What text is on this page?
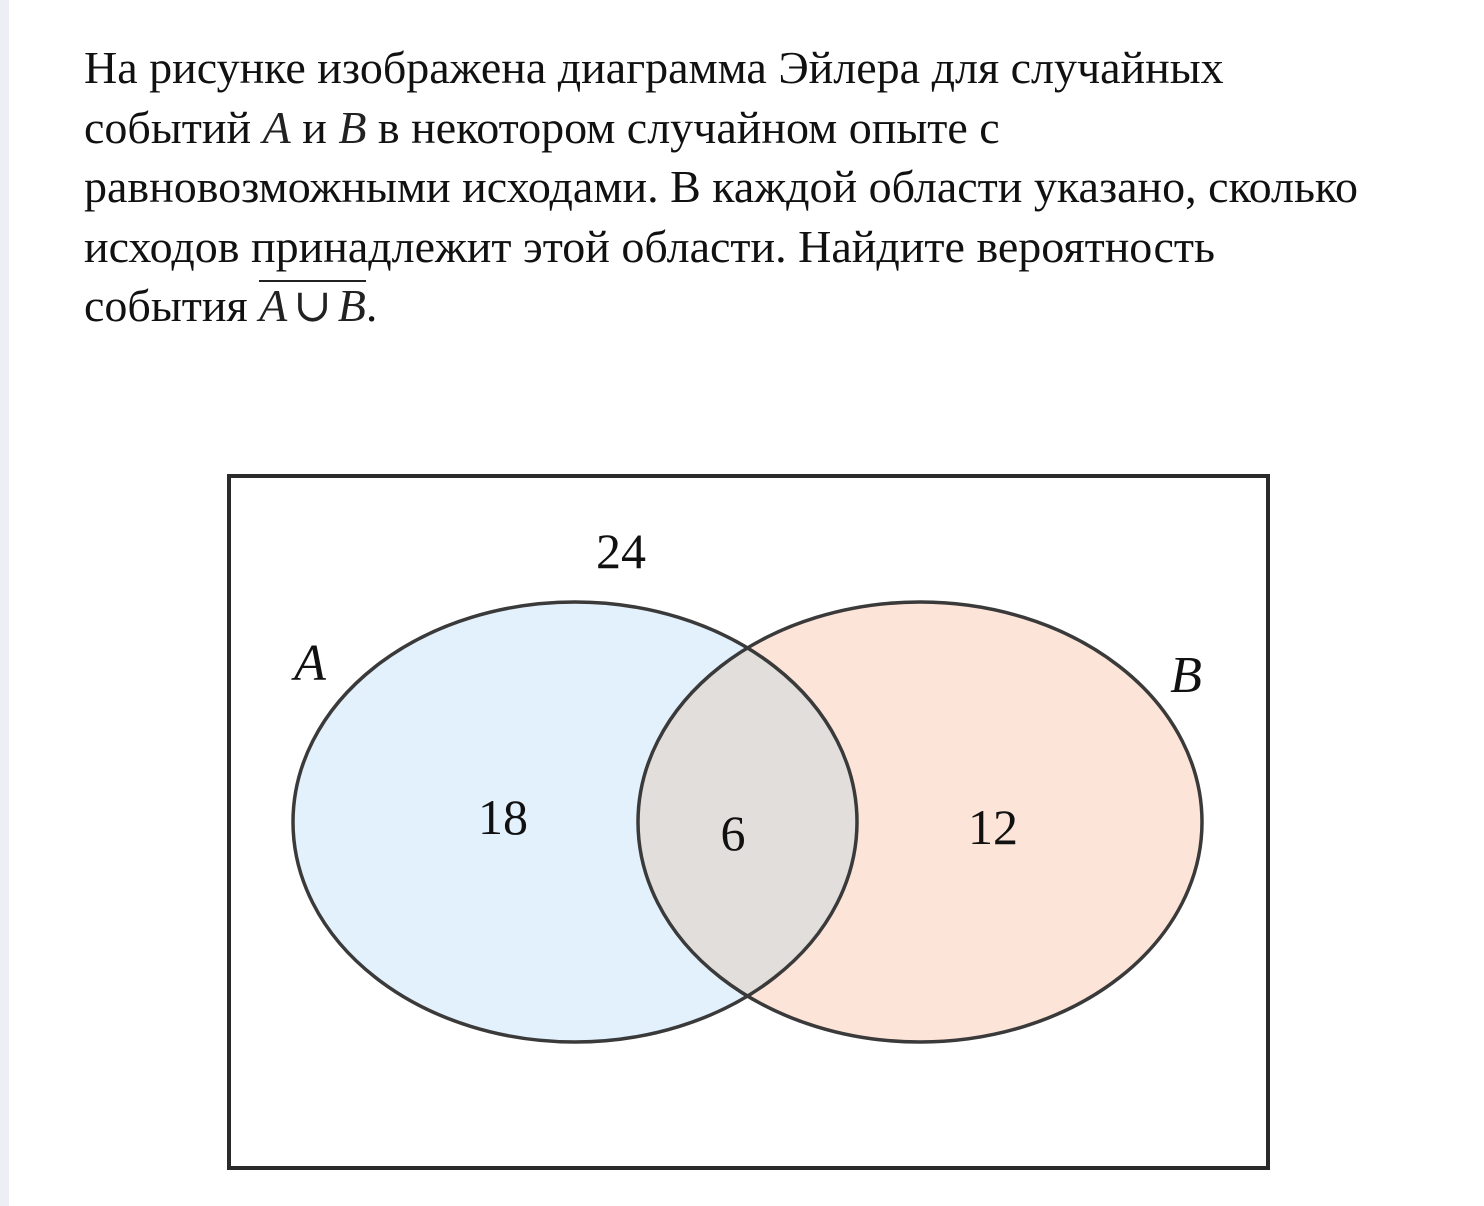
На рисунке изображена диаграмма Эйлера для случайных
событий A и B в некотором случайном опыте с
равновозможными исходами. В каждой области указано, сколько
исходов принадлежит этой области. Найдите вероятность
события A ∪ B.
A	B
24
18	6	12
